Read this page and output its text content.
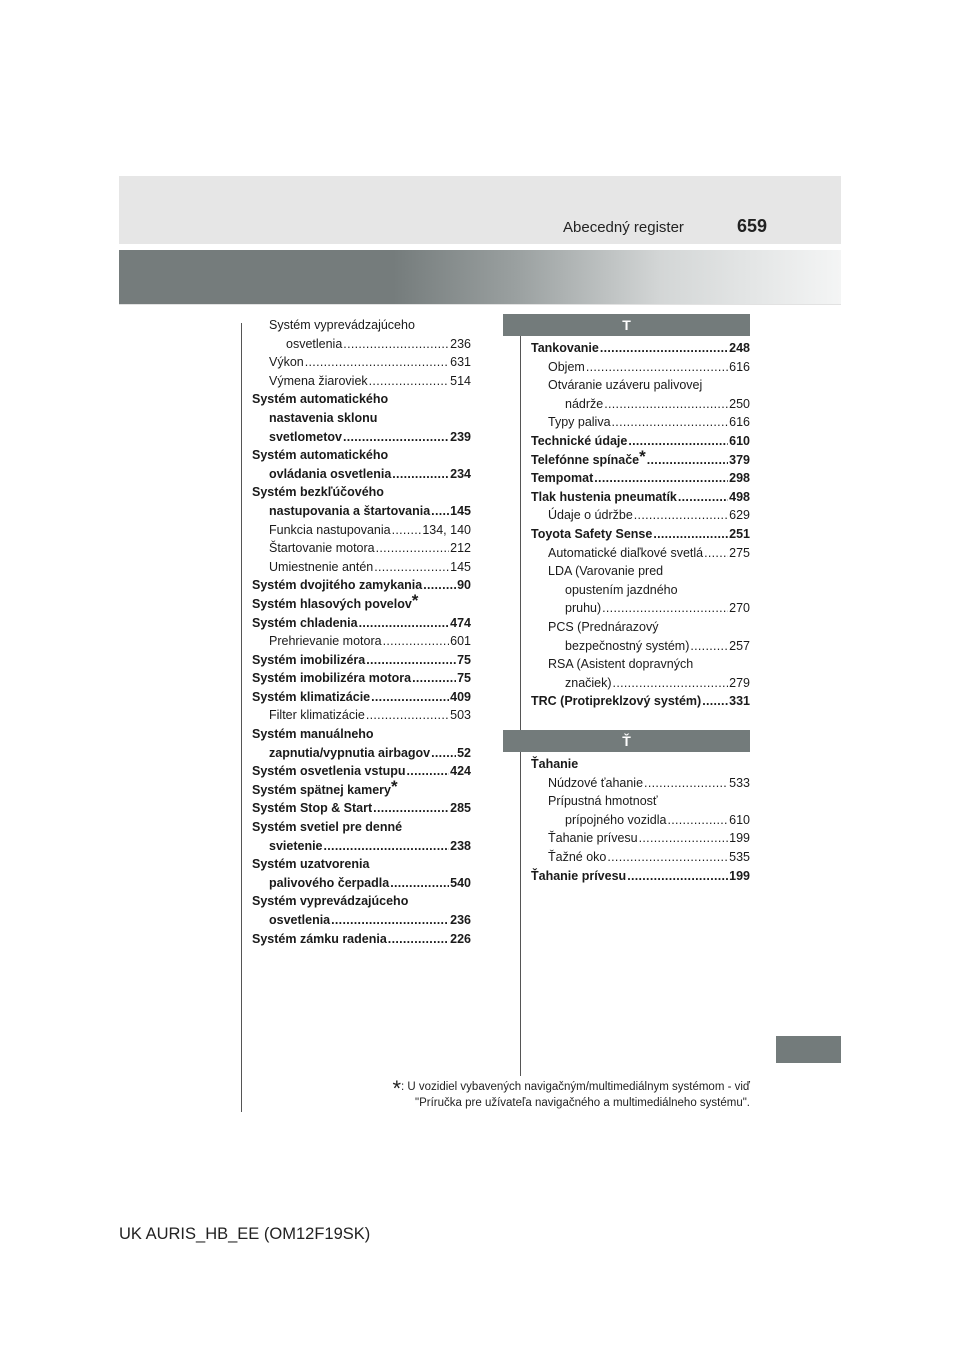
Abecedný register	659
Systém vyprevádzajúceho
osvetlenia .....	236
Výkon .....	631
Výmena žiaroviek .....	514
Systém automatického
nastavenia sklonu
svetlometov .....	239
Systém automatického
ovládania osvetlenia .....	234
Systém bezkľúčového
nastupovania a štartovania ..... 145
Funkcia nastupovania .....	134, 140
Štartovanie motora .....	212
Umiestnenie antén .....	145
Systém dvojitého zamykania .....	90
Systém hlasových povelov *
Systém chladenia .....	474
Prehrievanie motora .....	601
Systém imobilizéra .....	75
Systém imobilizéra motora .....	75
Systém klimatizácie .....	409
Filter klimatizácie .....	503
Systém manuálneho
zapnutia/vypnutia airbagov ..... 52
Systém osvetlenia vstupu .....	424
Systém spätnej kamery *
Systém Stop & Start .....	285
Systém svetiel pre denné
svietenie .....	238
Systém uzatvorenia
palivového čerpadla .....	540
Systém vyprevádzajúceho
osvetlenia .....	236
Systém zámku radenia .....	226
T
Tankovanie .....	248
Objem .....	616
Otváranie uzáveru palivovej
nádrže .....	250
Typy paliva .....	616
Technické údaje .....	610
Telefónne spínače * .....	379
Tempomat .....	298
Tlak hustenia pneumatík .....	498
Údaje o údržbe .....	629
Toyota Safety Sense .....	251
Automatické diaľkové svetlá ..... 275
LDA (Varovanie pred
opustením jazdného
pruhu) .....	270
PCS (Prednárazový
bezpečnostný systém) .....	257
RSA (Asistent dopravných
značiek) .....	279
TRC (Protipreklzový systém) ..... 331
Ť
Ťahanie
Núdzové ťahanie .....	533
Prípustná hmotnosť
prípojného vozidla .....	610
Ťahanie prívesu .....	199
Ťažné oko .....	535
Ťahanie prívesu .....	199
*: U vozidiel vybavených navigačným/multimediálnym systémom - viď
"Príručka pre užívateľa navigačného a multimediálneho systému".
UK AURIS_HB_EE (OM12F19SK)
